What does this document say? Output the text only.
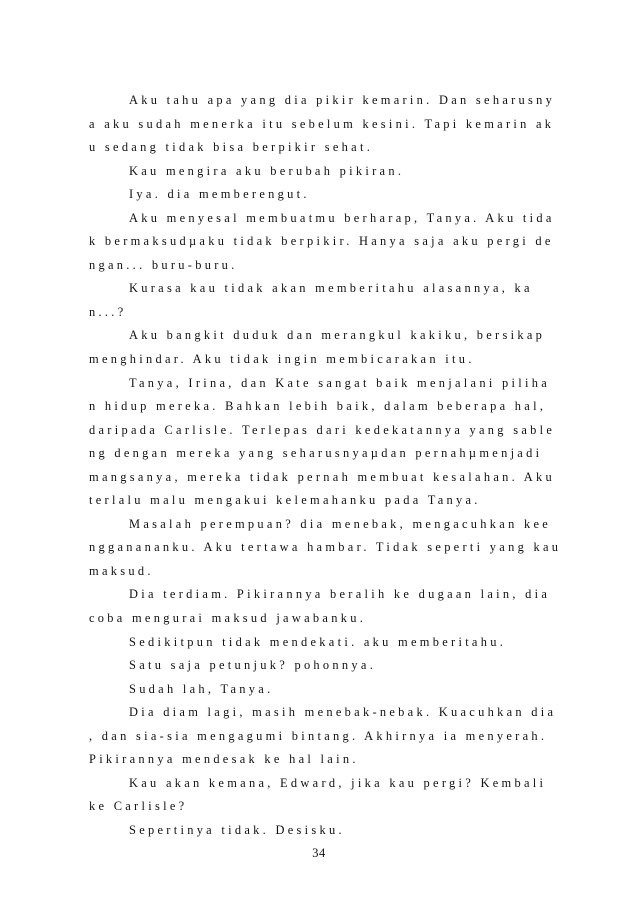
Aku tahu apa yang dia pikir kemarin. Dan seharusny
a aku sudah menerka itu sebelum kesini. Tapi kemarin ak
u sedang tidak bisa berpikir sehat.
Kau mengira aku berubah pikiran.
Iya. dia memberengut.
Aku menyesal membuatmu berharap, Tanya. Aku tida
k bermaksudµaku tidak berpikir. Hanya saja aku pergi de
ngan... buru-buru.
Kurasa kau tidak akan memberitahu alasannya, ka
n...?
Aku bangkit duduk dan merangkul kakiku, bersikap
menghindar. Aku tidak ingin membicarakan itu.
Tanya, Irina, dan Kate sangat baik menjalani piliha
n hidup mereka. Bahkan lebih baik, dalam beberapa hal,
daripada Carlisle. Terlepas dari kedekatannya yang sable
ng dengan mereka yang seharusnyaµdan pernahµmenjadi
mangsanya, mereka tidak pernah membuat kesalahan. Aku
terlalu malu mengakui kelemahanku pada Tanya.
Masalah perempuan? dia menebak, mengacuhkan kee
ngganananku. Aku tertawa hambar. Tidak seperti yang kau
maksud.
Dia terdiam. Pikirannya beralih ke dugaan lain, dia
coba mengurai maksud jawabanku.
Sedikitpun tidak mendekati. aku memberitahu.
Satu saja petunjuk? pohonnya.
Sudah lah, Tanya.
Dia diam lagi, masih menebak-nebak. Kuacuhkan dia
, dan sia-sia mengagumi bintang. Akhirnya ia menyerah.
Pikirannya mendesak ke hal lain.
Kau akan kemana, Edward, jika kau pergi? Kembali
ke Carlisle?
Sepertinya tidak. Desisku.
34
